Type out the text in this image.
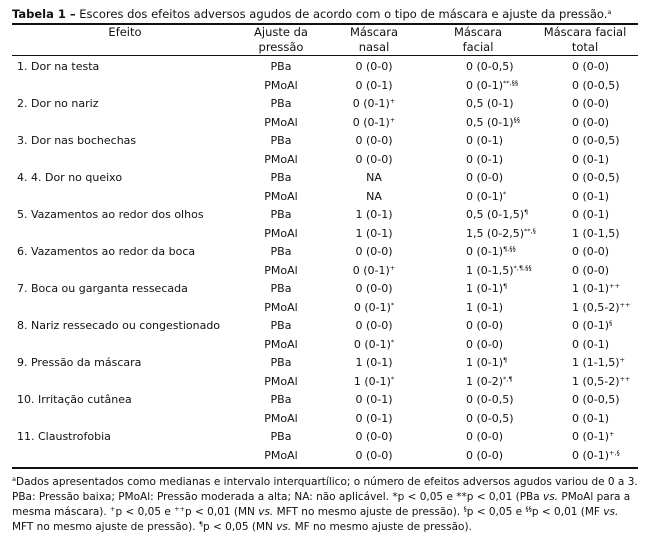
Tabela 1 – Escores dos efeitos adversos agudos de acordo com o tipo de máscara e ajuste da pressão.$^a$
Efeito	Ajuste da	Máscara	Máscara	Máscara facial
	pressão	nasal	facial	total
1. Dor na testa	PBa	0 (0-0)	0 (0-0,5)	0 (0-0)
	PMoAl	0 (0-1)	0 (0-1)**,§§	0 (0-0,5)
2. Dor no nariz	PBa	0 (0-1)+	0,5 (0-1)	0 (0-0)
	PMoAl	0 (0-1)+	0,5 (0-1)§§	0 (0-0)
3. Dor nas bochechas	PBa	0 (0-0)	0 (0-1)	0 (0-0,5)
	PMoAl	0 (0-0)	0 (0-1)	0 (0-1)
4. 4. Dor no queixo	PBa	NA	0 (0-0)	0 (0-0,5)
	PMoAl	NA	0 (0-1)*	0 (0-1)
5. Vazamentos ao redor dos olhos	PBa	1 (0-1)	0,5 (0-1,5)¶	0 (0-1)
	PMoAl	1 (0-1)	1,5 (0-2,5)**,§	1 (0-1,5)
6. Vazamentos ao redor da boca	PBa	0 (0-0)	0 (0-1)¶,§§	0 (0-0)
	PMoAl	0 (0-1)+	1 (0-1,5)*,¶,§§	0 (0-0)
7. Boca ou garganta ressecada	PBa	0 (0-0)	1 (0-1)¶	1 (0-1)++
	PMoAl	0 (0-1)*	1 (0-1)	1 (0,5-2)++
8. Nariz ressecado ou congestionado	PBa	0 (0-0)	0 (0-0)	0 (0-1)§
	PMoAl	0 (0-1)*	0 (0-0)	0 (0-1)
9. Pressão da máscara	PBa	1 (0-1)	1 (0-1)¶	1 (1-1,5)+
	PMoAl	1 (0-1)*	1 (0-2)*,¶	1 (0,5-2)++
10. Irritação cutânea	PBa	0 (0-1)	0 (0-0,5)	0 (0-0,5)
	PMoAl	0 (0-1)	0 (0-0,5)	0 (0-1)
11. Claustrofobia	PBa	0 (0-0)	0 (0-0)	0 (0-1)+
	PMoAl	0 (0-0)	0 (0-0)	0 (0-1)+,§
$^a$Dados apresentados como medianas e intervalo interquartílico; o número de efeitos adversos agudos variou de 0 a 3. PBa: Pressão baixa; PMoAl: Pressão moderada a alta; NA: não aplicável. *p < 0,05 e **p < 0,01 (PBa vs. PMoAl para a mesma máscara). +p < 0,05 e ++p < 0,01 (MN vs. MFT no mesmo ajuste de pressão). §p < 0,05 e §§p < 0,01 (MF vs. MFT no mesmo ajuste de pressão). ¶p < 0,05 (MN vs. MF no mesmo ajuste de pressão).
